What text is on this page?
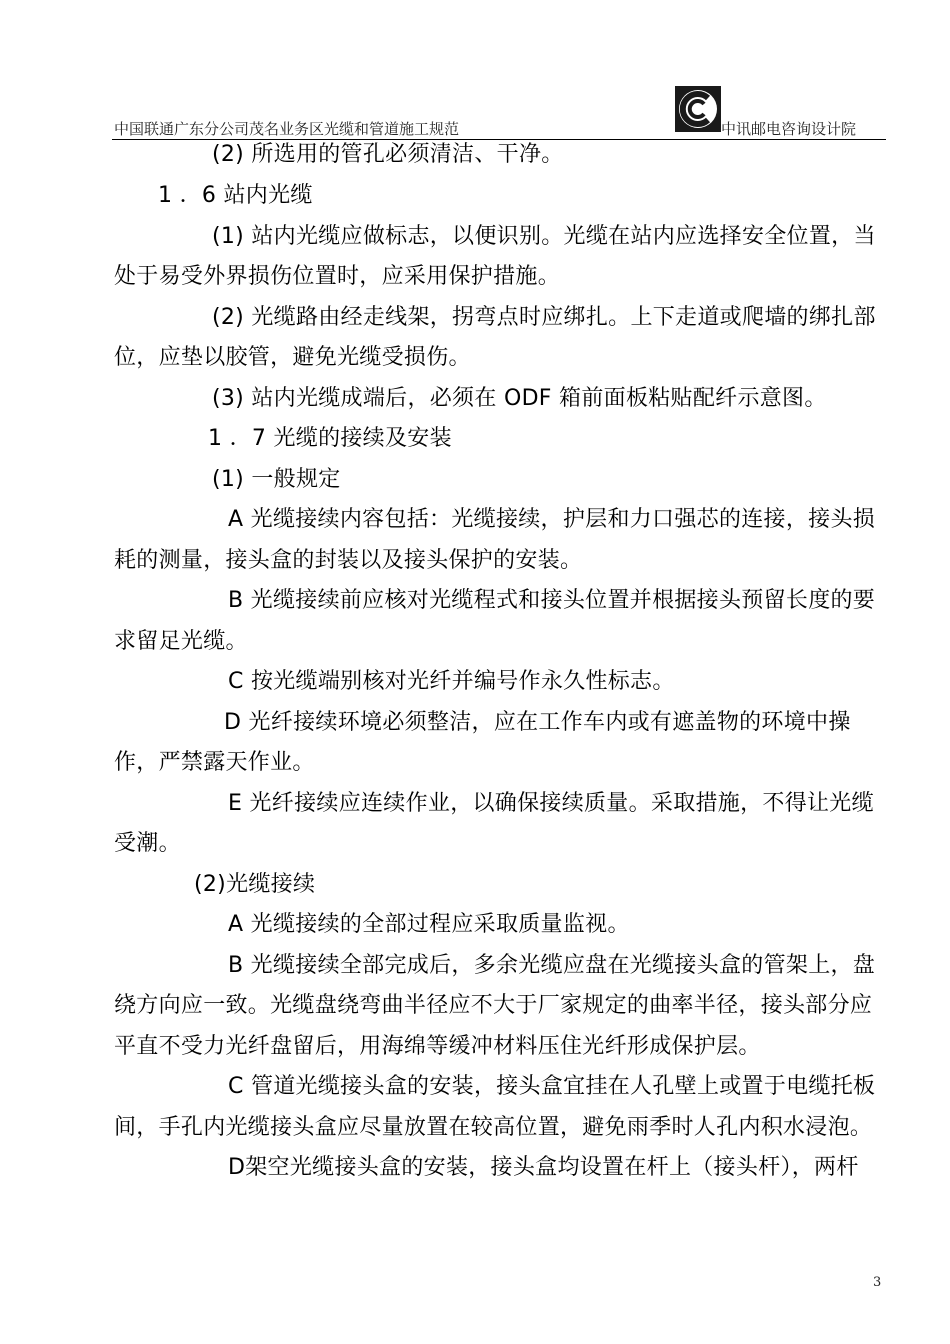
中国联通广东分公司茂名业务区光缆和管道施工规范	中讯邮电咨询设计院
(2) 所选用的管孔必须清洁、干净。
1 ．6 站内光缆
(1) 站内光缆应做标志，以便识别。光缆在站内应选择安全位置，当
处于易受外界损伤位置时，应采用保护措施。
(2) 光缆路由经走线架，拐弯点时应绑扎。上下走道或爬墙的绑扎部
位，应垫以胶管，避免光缆受损伤。
(3) 站内光缆成端后，必须在 ODF 箱前面板粘贴配纤示意图。
1 ．7 光缆的接续及安装
(1) 一般规定
A 光缆接续内容包括：光缆接续，护层和力口强芯的连接，接头损
耗的测量，接头盒的封装以及接头保护的安装。
B 光缆接续前应核对光缆程式和接头位置并根据接头预留长度的要
求留足光缆。
C 按光缆端别核对光纤并编号作永久性标志。
D 光纤接续环境必须整洁，应在工作车内或有遮盖物的环境中操
作，严禁露天作业。
E 光纤接续应连续作业，以确保接续质量。采取措施，不得让光缆
受潮。
(2)光缆接续
A 光缆接续的全部过程应采取质量监视。
B 光缆接续全部完成后，多余光缆应盘在光缆接头盒的管架上，盘
绕方向应一致。光缆盘绕弯曲半径应不大于厂家规定的曲率半径，接头部分应
平直不受力光纤盘留后，用海绵等缓冲材料压住光纤形成保护层。
C 管道光缆接头盒的安装，接头盒宜挂在人孔壁上或置于电缆托板
间，手孔内光缆接头盒应尽量放置在较高位置，避免雨季时人孔内积水浸泡。
D架空光缆接头盒的安装，接头盒均设置在杆上（接头杆），两杆
3
